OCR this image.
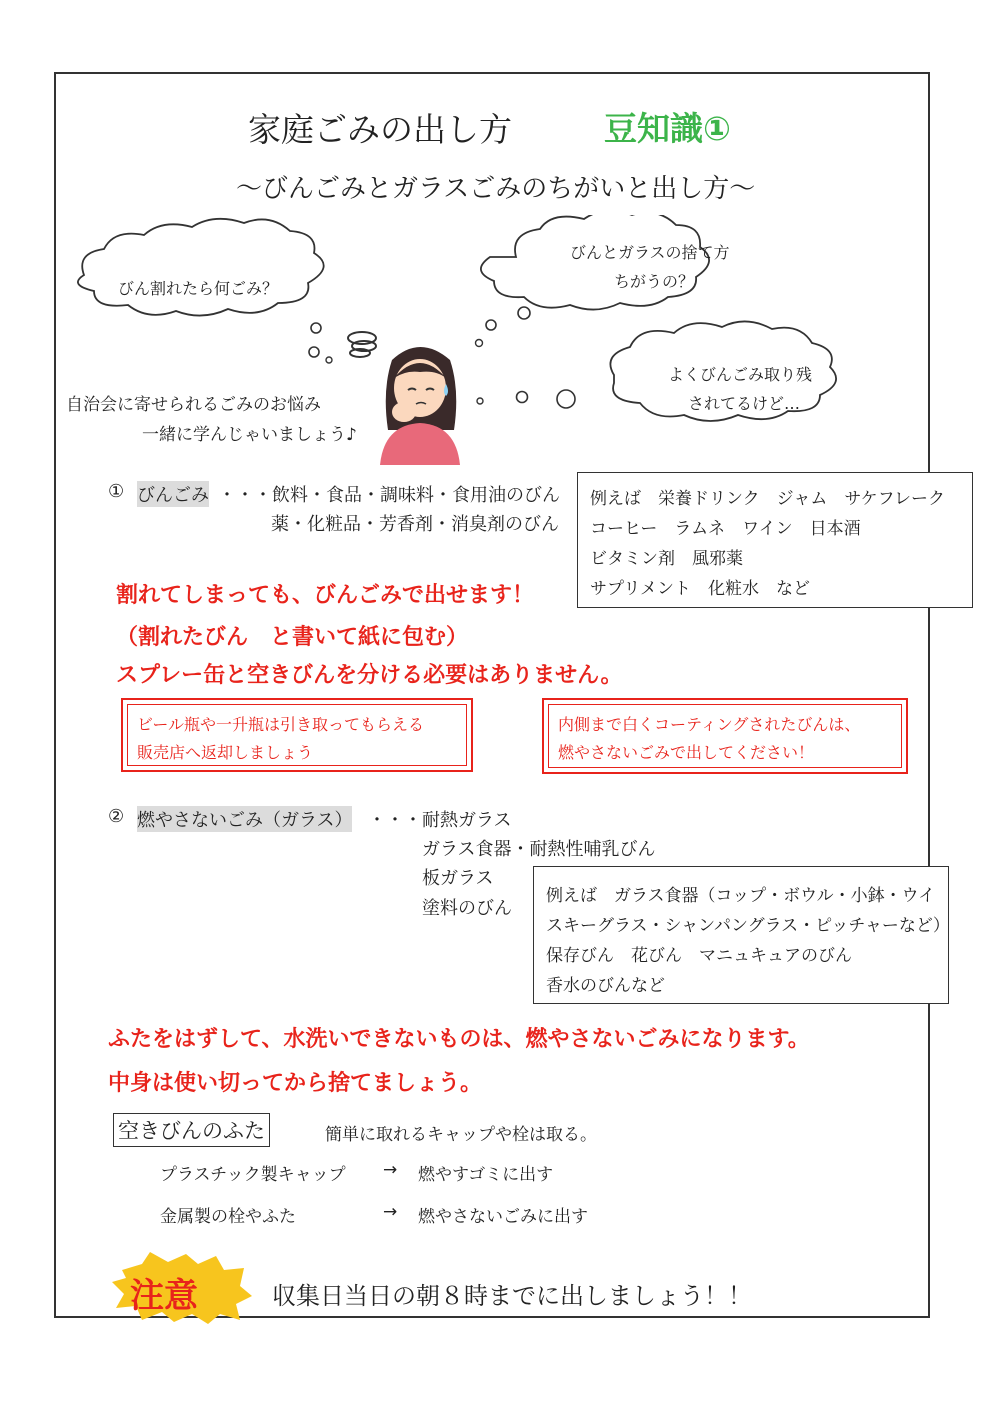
家庭ごみの出し方	豆知識①
～びんごみとガラスごみのちがいと出し方～
びん割れたら何ごみ？
びんとガラスの捨て方
ちがうの？
よくびんごみ取り残
されてるけど…
自治会に寄せられるごみのお悩み
一緒に学んじゃいましょう♪
① びんごみ ・・・飲料・食品・調味料・食用油のびん
薬・化粧品・芳香剤・消臭剤のびん
例えば　栄養ドリンク　ジャム　サケフレーク
コーヒー　ラムネ　ワイン　日本酒
ビタミン剤　風邪薬
サプリメント　化粧水　など
割れてしまっても、びんごみで出せます！
（割れたびん　と書いて紙に包む）
スプレー缶と空きびんを分ける必要はありません。
ビール瓶や一升瓶は引き取ってもらえる
販売店へ返却しましょう
内側まで白くコーティングされたびんは、
燃やさないごみで出してください！
② 燃やさないごみ（ガラス） ・・・耐熱ガラス
ガラス食器・耐熱性哺乳びん
板ガラス
塗料のびん
例えば　ガラス食器（コップ・ボウル・小鉢・ウイ
スキーグラス・シャンパングラス・ピッチャーなど）
保存びん　花びん　マニュキュアのびん
香水のびんなど
ふたをはずして、水洗いできないものは、燃やさないごみになります。
中身は使い切ってから捨てましょう。
空きびんのふた	簡単に取れるキャップや栓は取る。
プラスチック製キャップ → 燃やすゴミに出す
金属製の栓やふた	→ 燃やさないごみに出す
注意	収集日当日の朝８時までに出しましょう！！
